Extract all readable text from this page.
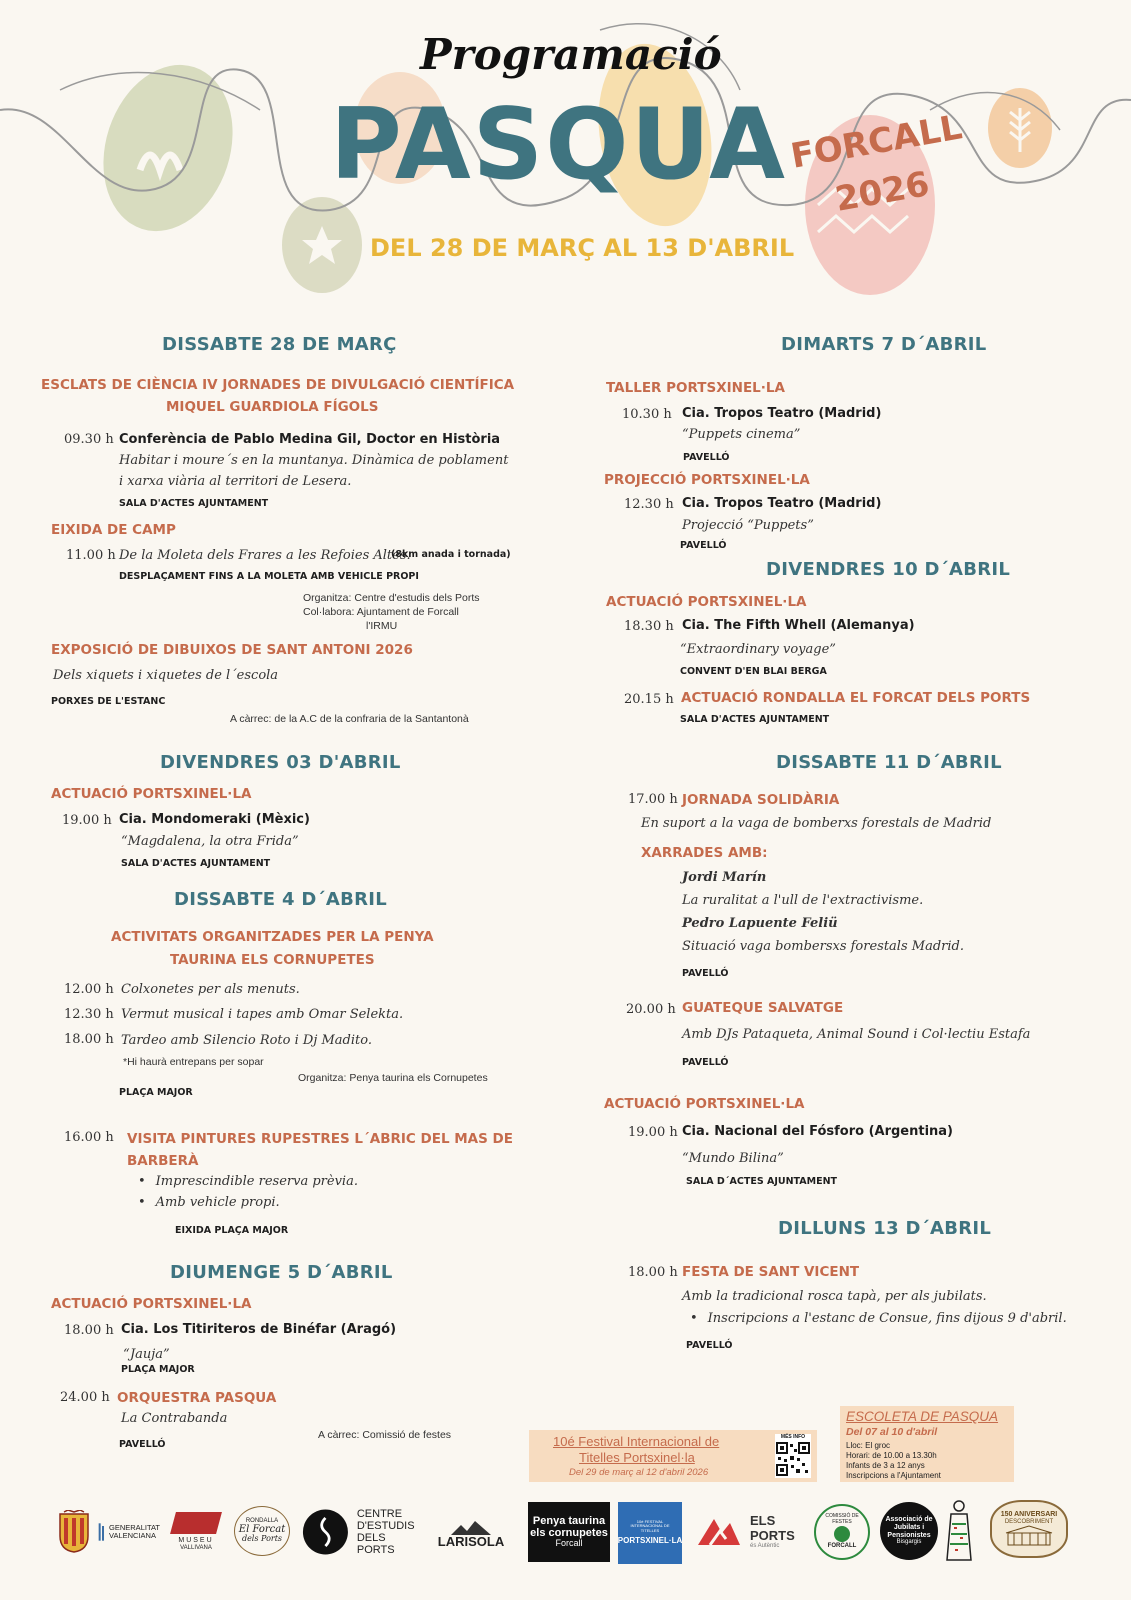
Programació
PASQUA FORCALL
2026
DEL 28 DE MARÇ AL 13 D'ABRIL
DISSABTE 28 DE MARÇ
ESCLATS DE CIÈNCIA IV JORNADES DE DIVULGACIÓ CIENTÍFICA
MIQUEL GUARDIOLA FÍGOLS
09.30 h Conferència de Pablo Medina Gil, Doctor en Història
Habitar i moure´s en la muntanya. Dinàmica de poblament
i xarxa viària al territori de Lesera.
SALA D'ACTES AJUNTAMENT
EIXIDA DE CAMP
11.00 h De la Moleta dels Frares a les Refoies Altes.
(8km anada i tornada)
DESPLAÇAMENT FINS A LA MOLETA AMB VEHICLE PROPI
Organitza: Centre d'estudis dels Ports
Col·labora: Ajuntament de Forcall
l'IRMU
EXPOSICIÓ DE DIBUIXOS DE SANT ANTONI 2026
Dels xiquets i xiquetes de l´escola
PORXES DE L'ESTANC
A càrrec: de la A.C de la confraria de la Santantonà
DIVENDRES 03 D'ABRIL
ACTUACIÓ PORTSXINEL·LA
19.00 h Cia. Mondomeraki (Mèxic)
“Magdalena, la otra Frida”
SALA D'ACTES AJUNTAMENT
DISSABTE 4 D´ABRIL
ACTIVITATS ORGANITZADES PER LA PENYA
TAURINA ELS CORNUPETES
12.00 h Colxonetes per als menuts.
12.30 h Vermut musical i tapes amb Omar Selekta.
18.00 h Tardeo amb Silencio Roto i Dj Madito.
*Hi haurà entrepans per sopar
Organitza: Penya taurina els Cornupetes
PLAÇA MAJOR
16.00 h VISITA PINTURES RUPESTRES L´ABRIC DEL MAS DE
BARBERÀ
• Imprescindible reserva prèvia.
• Amb vehicle propi.
EIXIDA PLAÇA MAJOR
DIUMENGE 5 D´ABRIL
ACTUACIÓ PORTSXINEL·LA
18.00 h Cia. Los Titiriteros de Binéfar (Aragó)
“Jauja”
PLAÇA MAJOR
24.00 h ORQUESTRA PASQUA
La Contrabanda
PAVELLÓ
A càrrec: Comissió de festes
DIMARTS 7 D´ABRIL
TALLER PORTSXINEL·LA
10.30 h Cia. Tropos Teatro (Madrid)
“Puppets cinema”
PAVELLÓ
PROJECCIÓ PORTSXINEL·LA
12.30 h Cia. Tropos Teatro (Madrid)
Projecció “Puppets”
PAVELLÓ
DIVENDRES 10 D´ABRIL
ACTUACIÓ PORTSXINEL·LA
18.30 h Cia. The Fifth Whell (Alemanya)
“Extraordinary voyage”
CONVENT D'EN BLAI BERGA
20.15 h ACTUACIÓ RONDALLA EL FORCAT DELS PORTS
SALA D'ACTES AJUNTAMENT
DISSABTE 11 D´ABRIL
17.00 h JORNADA SOLIDÀRIA
En suport a la vaga de bomberxs forestals de Madrid
XARRADES AMB:
Jordi Marín
La ruralitat a l'ull de l'extractivisme.
Pedro Lapuente Feliü
Situació vaga bombersxs forestals Madrid.
PAVELLÓ
20.00 h GUATEQUE SALVATGE
Amb DJs Pataqueta, Animal Sound i Col·lectiu Estafa
PAVELLÓ
ACTUACIÓ PORTSXINEL·LA
19.00 h Cia. Nacional del Fósforo (Argentina)
“Mundo Bilina”
SALA D´ACTES AJUNTAMENT
DILLUNS 13 D´ABRIL
18.00 h FESTA DE SANT VICENT
Amb la tradicional rosca tapà, per als jubilats.
• Inscripcions a l'estanc de Consue, fins dijous 9 d'abril.
PAVELLÓ
10é Festival Internacional de
Titelles Portsxinel·la
Del 29 de març al 12 d'abril 2026
MÉS INFO
ESCOLETA DE PASQUA
Del 07 al 10 d'abril
Lloc: El groc
Horari: de 10.00 a 13.30h
Infants de 3 a 12 anys
Inscripcions a l'Ajuntament
GENERALITAT
VALENCIANA
MUSEU
VALLIVANA
RONDALLA
El Forcat
dels Ports
CENTRE
D'ESTUDIS
DELS PORTS
LARISOLA
Penya taurina
els cornupetes
Forcall
10é FESTIVAL INTERNACIONAL DE TITELLES
PORTSXINEL·LA
ELS
PORTS
és Autèntic
COMISSIÓ DE FESTES
FORCALL
Associació de
Jubilats i
Pensionistes
Bisgargis
150 ANIVERSARI
DESCOBRIMENT
